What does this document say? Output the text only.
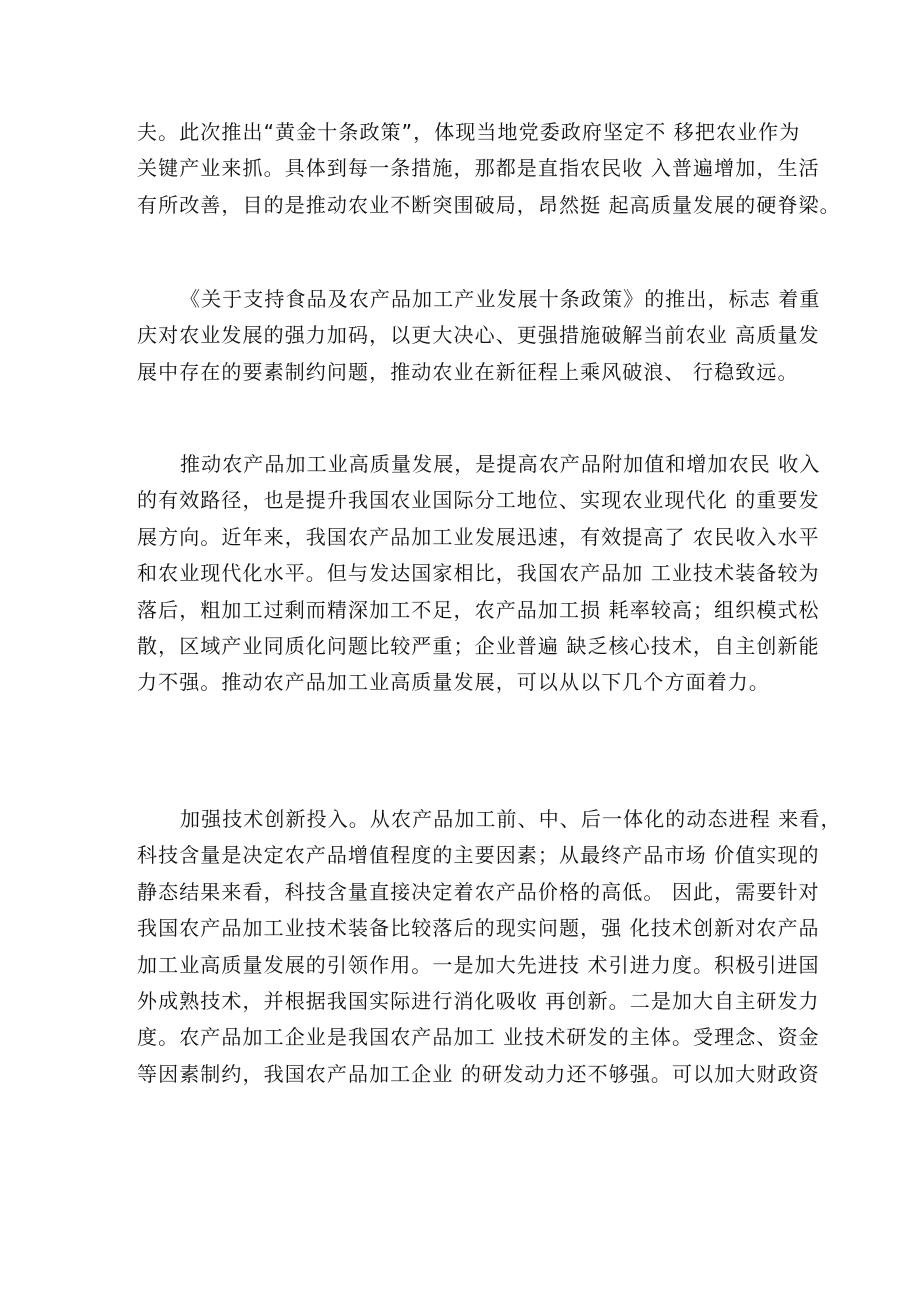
夫。此次推出“黄金十条政策”，体现当地党委政府坚定不 移把农业作为
关键产业来抓。具体到每一条措施，那都是直指农民收 入普遍增加，生活
有所改善，目的是推动农业不断突围破局，昂然挺 起高质量发展的硬脊梁。
《关于支持食品及农产品加工产业发展十条政策》的推出，标志 着重
庆对农业发展的强力加码，以更大决心、更强措施破解当前农业 高质量发
展中存在的要素制约问题，推动农业在新征程上乘风破浪、 行稳致远。
推动农产品加工业高质量发展，是提高农产品附加值和增加农民 收入
的有效路径，也是提升我国农业国际分工地位、实现农业现代化 的重要发
展方向。近年来，我国农产品加工业发展迅速，有效提高了 农民收入水平
和农业现代化水平。但与发达国家相比，我国农产品加 工业技术装备较为
落后，粗加工过剩而精深加工不足，农产品加工损 耗率较高；组织模式松
散，区域产业同质化问题比较严重；企业普遍 缺乏核心技术，自主创新能
力不强。推动农产品加工业高质量发展，可以从以下几个方面着力。
加强技术创新投入。从农产品加工前、中、后一体化的动态进程 来看，
科技含量是决定农产品增值程度的主要因素；从最终产品市场 价值实现的
静态结果来看，科技含量直接决定着农产品价格的高低。 因此，需要针对
我国农产品加工业技术装备比较落后的现实问题，强 化技术创新对农产品
加工业高质量发展的引领作用。一是加大先进技 术引进力度。积极引进国
外成熟技术，并根据我国实际进行消化吸收 再创新。二是加大自主研发力
度。农产品加工企业是我国农产品加工 业技术研发的主体。受理念、资金
等因素制约，我国农产品加工企业 的研发动力还不够强。可以加大财政资
